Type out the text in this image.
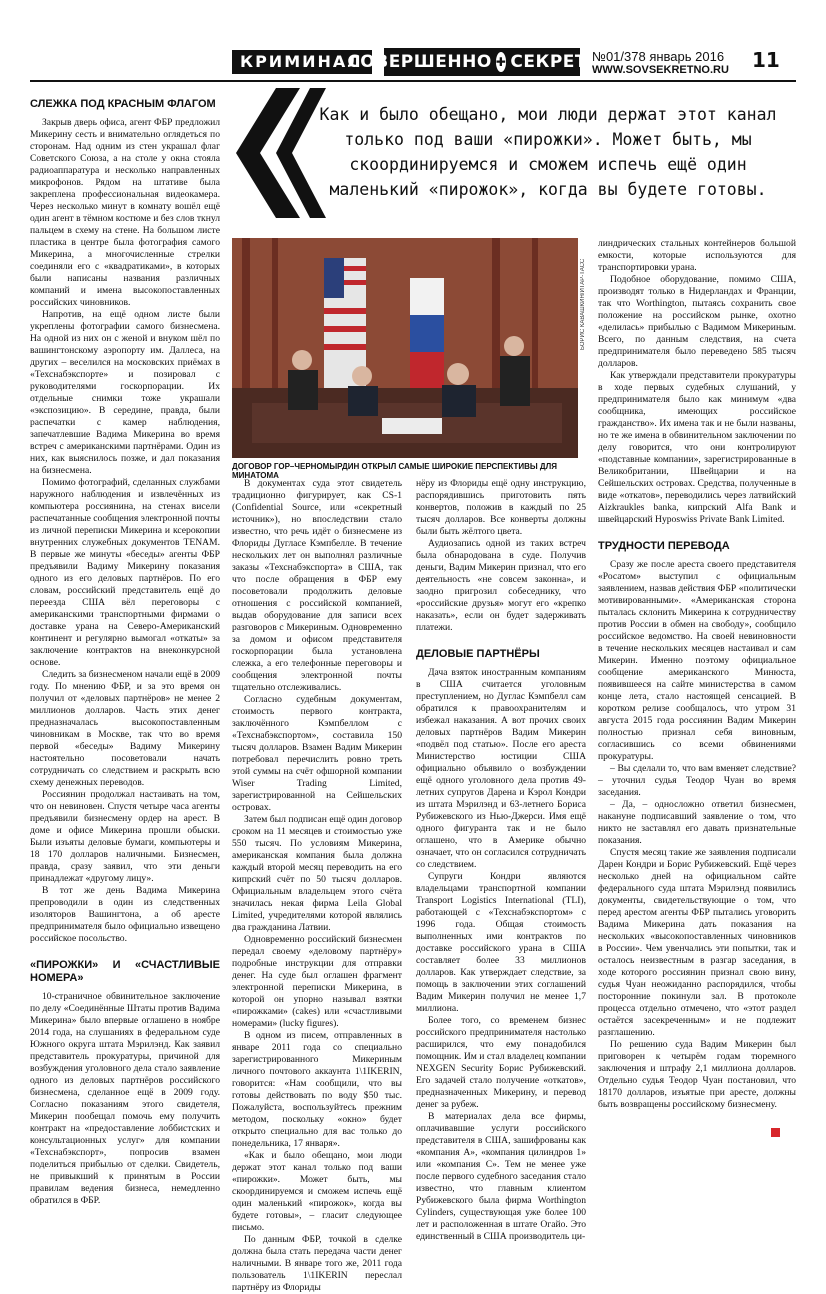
КРИМИНАЛ
СОВЕРШЕННО ✚ СЕКРЕТНО
№01/378 январь 2016
WWW.SOVSEKRETNO.RU 11
СЛЕЖКА ПОД КРАСНЫМ ФЛАГОМ

Закрыв дверь офиса, агент ФБР предложил Микерину сесть и внимательно оглядеться по сторонам. Над одним из стен украшал флаг Советского Союза, а на столе у окна стояла радиоаппаратура и несколько направленных микрофонов. Рядом на штативе была закреплена профессиональная видеокамера. Через несколько минут в комнату вошёл ещё один агент в тёмном костюме и без слов ткнул пальцем в схему на стене. На большом листе пластика в центре была фотография самого Микерина, а многочисленные стрелки соединяли его с «квадратиками», в которых были написаны названия различных компаний и имена высокопоставленных российских чиновников.

Напротив, на ещё одном листе были укреплены фотографии самого бизнесмена. На одной из них он с женой и внуком шёл по вашингтонскому аэропорту им. Даллеса, на других – веселился на московских приёмах в «Техснабэкспорте» и позировал с руководителями госкорпорации. Их отдельные снимки тоже украшали «экспозицию». В середине, правда, были распечатки с камер наблюдения, запечатлевшие Вадима Микерина во время встреч с американскими партнёрами. Один из них, как выяснилось позже, и дал показания на бизнесмена.

Помимо фотографий, сделанных службами наружного наблюдения и извлечённых из компьютера россиянина, на стенах висели распечатанные сообщения электронной почты из личной переписки Микерина и ксерокопии внутренних служебных документов TENAM. В первые же минуты «беседы» агенты ФБР предъявили Вадиму Микерину показания одного из его деловых партнёров. По его словам, российский представитель ещё до переезда США вёл переговоры с американскими транспортными фирмами о доставке урана на Северо-Американский континент и регулярно вымогал «откаты» за заключение контрактов на внеконкурсной основе.

Следить за бизнесменом начали ещё в 2009 году. По мнению ФБР, и за это время он получил от «деловых партнёров» не менее 2 миллионов долларов. Часть этих денег предназначалась высокопоставленным чиновникам в Москве, так что во время первой «беседы» Вадиму Микерину настоятельно посоветовали начать сотрудничать со следствием и раскрыть всю схему денежных переводов.

Россиянин продолжал настаивать на том, что он невиновен. Спустя четыре часа агенты предъявили бизнесмену ордер на арест. В доме и офисе Микерина прошли обыски. Были изъяты деловые бумаги, компьютеры и 18 170 долларов наличными. Бизнесмен, правда, сразу заявил, что эти деньги принадлежат «другому лицу».

В тот же день Вадима Микерина препроводили в один из следственных изоляторов Вашингтона, а об аресте предпринимателя было официально извещено российское посольство.

«ПИРОЖКИ» И «СЧАСТЛИВЫЕ НОМЕРА»

10-страничное обвинительное заключение по делу «Соединённые Штаты против Вадима Микерина» было впервые оглашено в ноябре 2014 года, на слушаниях в федеральном суде Южного округа штата Мэрилэнд. Как заявил представитель прокуратуры, причиной для возбуждения уголовного дела стало заявление одного из деловых партнёров российского бизнесмена, сделанное ещё в 2009 году. Согласно показаниям этого свидетеля, Микерин пообещал помочь ему получить контракт на «предоставление лоббистских и консультационных услуг» для компании «Техснабэкспорт», попросив взамен поделиться прибылью от сделки. Свидетель, не привыкший к принятым в России правилам ведения бизнеса, немедленно обратился в ФБР.

Как и было обещано, мои люди держат этот канал только под ваши «пирожки». Может быть, мы скоординируемся и сможем испечь ещё один маленький «пирожок», когда вы будете готовы.
БОРИС КАВАШКИН/ИТАР-ТАСС
ДОГОВОР ГОР–ЧЕРНОМЫРДИН ОТКРЫЛ САМЫЕ ШИРОКИЕ ПЕРСПЕКТИВЫ ДЛЯ МИНАТОМА

В документах суда этот свидетель традиционно фигурирует, как CS-1 (Confidential Source, или «секретный источник»), но впоследствии стало известно, что речь идёт о бизнесмене из Флориды Дугласе Кэмпбелле. В течение нескольких лет он выполнял различные заказы «Техснабэкспорта» в США, так что после обращения в ФБР ему посоветовали продолжить деловые отношения с российской компанией, выдав оборудование для записи всех разговоров с Микериным. Одновременно за домом и офисом представителя госкорпорации была установлена слежка, а его телефонные переговоры и сообщения электронной почты тщательно отслеживались.

Согласно судебным документам, стоимость первого контракта, заключённого Кэмпбеллом с «Техснабэкспортом», составила 150 тысяч долларов. Взамен Вадим Микерин потребовал перечислить ровно треть этой суммы на счёт офшорной компании Wiser Trading Limited, зарегистрированной на Сейшельских островах.

Затем был подписан ещё один договор сроком на 11 месяцев и стоимостью уже 550 тысяч. По условиям Микерина, американская компания была должна каждый второй месяц переводить на его кипрский счёт по 50 тысяч долларов. Официальным владельцем этого счёта значилась некая фирма Leila Global Limited, учредителями которой являлись два гражданина Латвии.

Одновременно российский бизнесмен передал своему «деловому партнёру» подробные инструкции для отправки денег. На суде был оглашен фрагмент электронной переписки Микерина, в которой он упорно называл взятки «пирожками» (cakes) или «счастливыми номерами» (lucky figures).

В одном из писем, отправленных в январе 2011 года со специально зарегистрированного Микериным личного почтового аккаунта 1\1IKERIN, говорится: «Нам сообщили, что вы готовы действовать по воду $50 тыс. Пожалуйста, воспользуйтесь прежним методом, поскольку «окно» будет открыто специально для вас только до понедельника, 17 января».

«Как и было обещано, мои люди держат этот канал только под ваши «пирожки». Может быть, мы скоординируемся и сможем испечь ещё один маленький «пирожок», когда вы будете готовы», – гласит следующее письмо.

По данным ФБР, точкой в сделке должна была стать передача части денег наличными. В январе того же, 2011 года пользователь 1\1IKERIN переслал партнёру из Флориды

нёру из Флориды ещё одну инструкцию, распорядившись приготовить пять конвертов, положив в каждый по 25 тысяч долларов. Все конверты должны были быть жёлтого цвета.

Аудиозапись одной из таких встреч была обнародована в суде. Получив деньги, Вадим Микерин признал, что его деятельность «не совсем законна», и заодно пригрозил собеседнику, что «российские друзья» могут его «крепко наказать», если он будет задерживать платежи.

ДЕЛОВЫЕ ПАРТНЁРЫ

Дача взяток иностранным компаниям в США считается уголовным преступлением, но Дуглас Кэмпбелл сам обратился к правоохранителям и избежал наказания. А вот прочих своих деловых партнёров Вадим Микерин «подвёл под статью». После его ареста Министерство юстиции США официально объявило о возбуждении ещё одного уголовного дела против 49-летних супругов Дарена и Кэрол Кондри из штата Мэрилэнд и 63-летнего Бориса Рубижевского из Нью-Джерси. Имя ещё одного фигуранта так и не было оглашено, что в Америке обычно означает, что он согласился сотрудничать со следствием.

Супруги Кондри являются владельцами транспортной компании Transport Logistics International (TLI), работающей с «Техснабэкспортом» с 1996 года. Общая стоимость выполненных ими контрактов по доставке российского урана в США составляет более 33 миллионов долларов. Как утверждает следствие, за помощь в заключении этих соглашений Вадим Микерин получил не менее 1,7 миллиона.

Более того, со временем бизнес российского предпринимателя настолько расширился, что ему понадобился помощник. Им и стал владелец компании NEXGEN Security Борис Рубижевский. Его задачей стало получение «откатов», предназначенных Микерину, и перевод денег за рубеж.

В материалах дела все фирмы, оплачивавшие услуги российского представителя в США, зашифрованы как «компания А», «компания цилиндров 1» или «компания С». Тем не менее уже после первого судебного заседания стало известно, что главным клиентом Рубижевского была фирма Worthington Cylinders, существующая уже более 100 лет и расположенная в штате Огайо. Это единственный в США производитель ци-

линдрических стальных контейнеров большой емкости, которые используются для транспортировки урана.

Подобное оборудование, помимо США, производят только в Нидерландах и Франции, так что Worthington, пытаясь сохранить свое положение на российском рынке, охотно «делилась» прибылью с Вадимом Микериным. Всего, по данным следствия, на счета предпринимателя было переведено 585 тысяч долларов.

Как утверждали представители прокуратуры в ходе первых судебных слушаний, у предпринимателя было как минимум «два сообщника, имеющих российское гражданство». Их имена так и не были названы, но те же имена в обвинительном заключении по делу говорится, что они контролируют «подставные компании», зарегистрированные в Великобритании, Швейцарии и на Сейшельских островах. Средства, полученные в виде «откатов», переводились через латвийский Aizkraukles banka, кипрский Alfa Bank и швейцарский Hyposwiss Private Bank Limited.

ТРУДНОСТИ ПЕРЕВОДА

Сразу же после ареста своего представителя «Росатом» выступил с официальным заявлением, назвав действия ФБР «политически мотивированными». «Американская сторона пыталась склонить Микерина к сотрудничеству против России в обмен на свободу», сообщило российское ведомство. На своей невиновности в течение нескольких месяцев настаивал и сам Микерин. Именно поэтому официальное сообщение американского Минюста, появившееся на сайте министерства в самом конце лета, стало настоящей сенсацией. В коротком релизе сообщалось, что утром 31 августа 2015 года россиянин Вадим Микерин полностью признал себя виновным, согласившись со всеми обвинениями прокуратуры.

– Вы сделали то, что вам вменяет следствие? – уточнил судья Теодор Чуан во время заседания.

– Да, – односложно ответил бизнесмен, накануне подписавший заявление о том, что никто не заставлял его давать признательные показания.

Спустя месяц такие же заявления подписали Дарен Кондри и Борис Рубижевский. Ещё через несколько дней на официальном сайте федерального суда штата Мэрилэнд появились документы, свидетельствующие о том, что перед арестом агенты ФБР пытались уговорить Вадима Микерина дать показания на нескольких «высокопоставленных чиновников в России». Чем увенчались эти попытки, так и осталось неизвестным в разгар заседания, в ходе которого россиянин признал свою вину, судья Чуан неожиданно распорядился, чтобы посторонние покинули зал. В протоколе процесса отдельно отмечено, что «этот раздел остаётся засекреченным» и не подлежит разглашению.

По решению суда Вадим Микерин был приговорен к четырём годам тюремного заключения и штрафу 2,1 миллиона долларов. Отдельно судья Теодор Чуан постановил, что 18170 долларов, изъятые при аресте, должны быть возвращены российскому бизнесмену.
